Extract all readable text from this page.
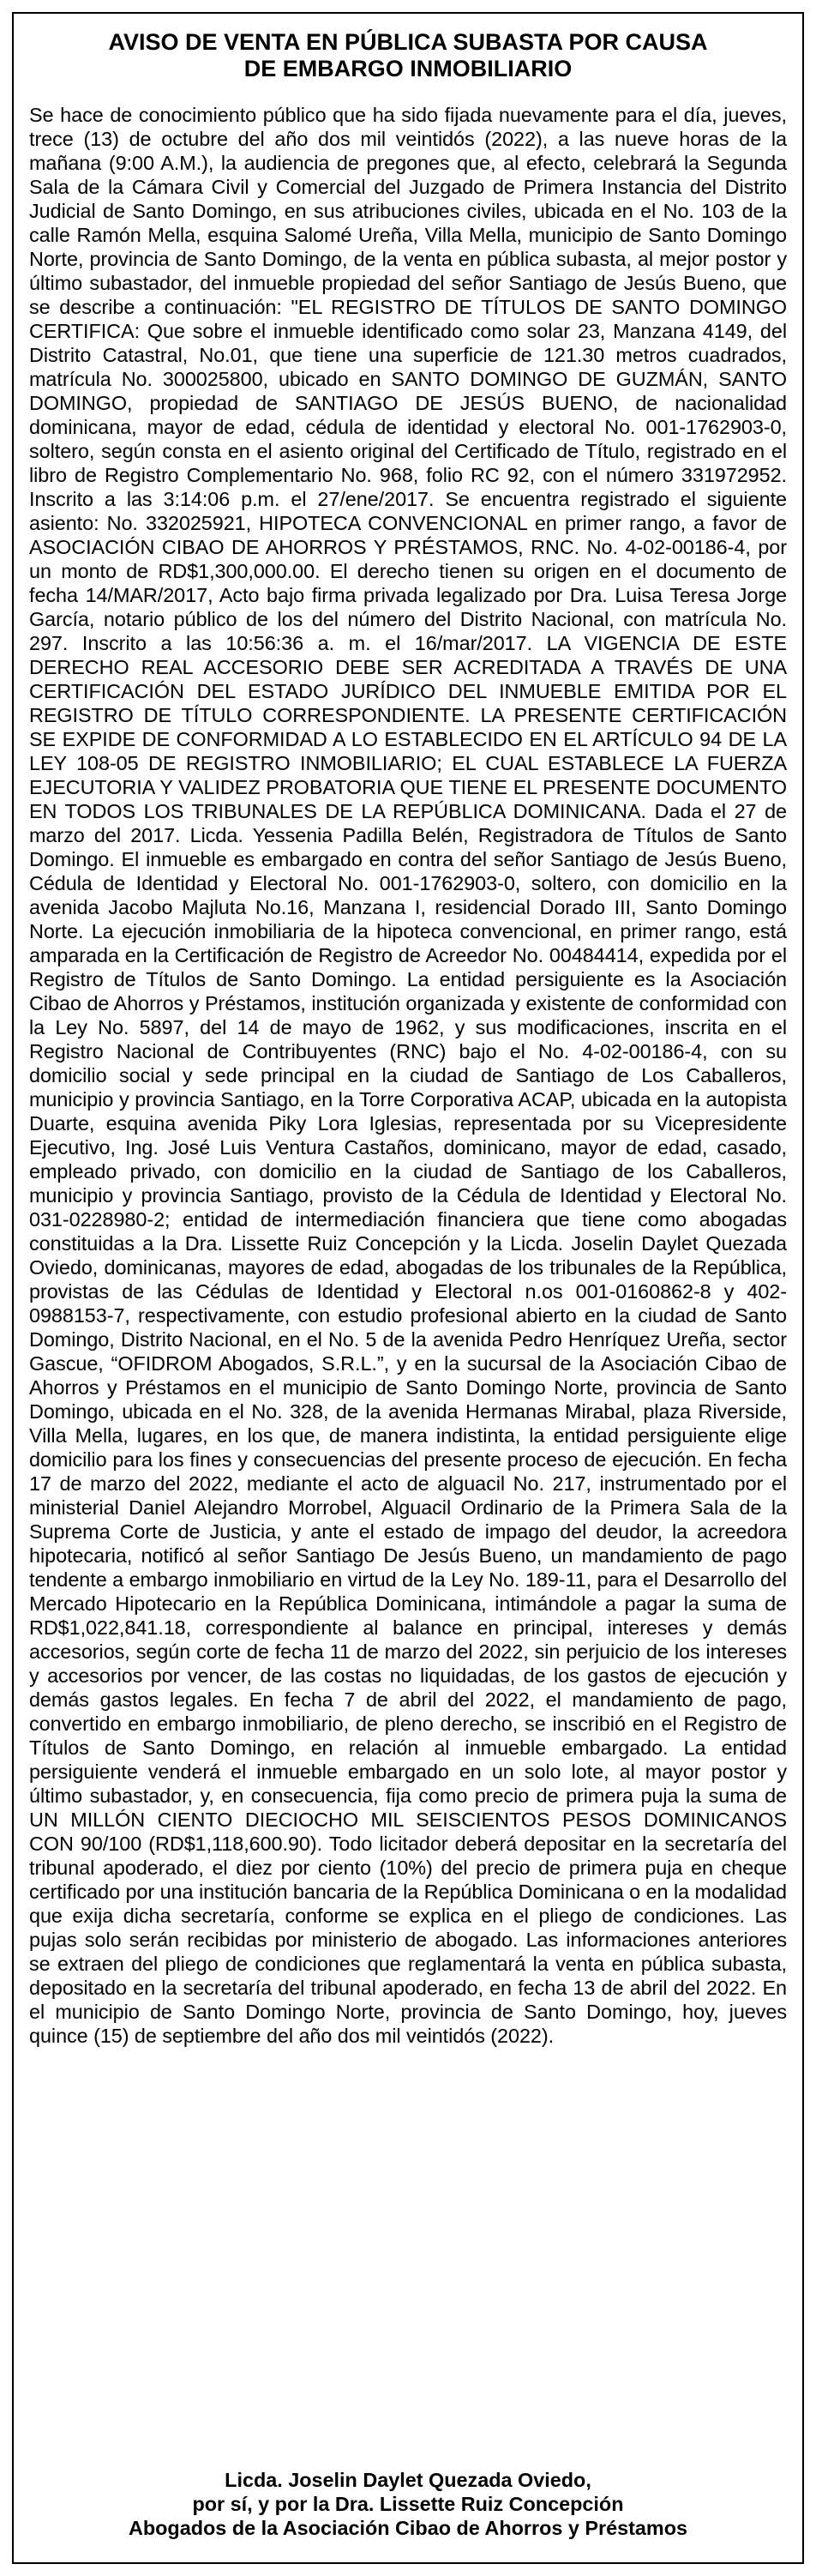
AVISO DE VENTA EN PÚBLICA SUBASTA POR CAUSA
DE EMBARGO INMOBILIARIO

Se hace de conocimiento público que ha sido fijada nuevamente para el día, jueves, trece (13) de octubre del año dos mil veintidós (2022), a las nueve horas de la mañana (9:00 A.M.), la audiencia de pregones que, al efecto, celebrará la Segunda Sala de la Cámara Civil y Comercial del Juzgado de Primera Instancia del Distrito Judicial de Santo Domingo, en sus atribuciones civiles, ubicada en el No. 103 de la calle Ramón Mella, esquina Salomé Ureña, Villa Mella, municipio de Santo Domingo Norte, provincia de Santo Domingo, de la venta en pública subasta, al mejor postor y último subastador, del inmueble propiedad del señor Santiago de Jesús Bueno, que se describe a continuación: "EL REGISTRO DE TÍTULOS DE SANTO DOMINGO CERTIFICA: Que sobre el inmueble identificado como solar 23, Manzana 4149, del Distrito Catastral, No.01, que tiene una superficie de 121.30 metros cuadrados, matrícula No. 300025800, ubicado en SANTO DOMINGO DE GUZMÁN, SANTO DOMINGO, propiedad de SANTIAGO DE JESÚS BUENO, de nacionalidad dominicana, mayor de edad, cédula de identidad y electoral No. 001-1762903-0, soltero, según consta en el asiento original del Certificado de Título, registrado en el libro de Registro Complementario No. 968, folio RC 92, con el número 331972952. Inscrito a las 3:14:06 p.m. el 27/ene/2017. Se encuentra registrado el siguiente asiento: No. 332025921, HIPOTECA CONVENCIONAL en primer rango, a favor de ASOCIACIÓN CIBAO DE AHORROS Y PRÉSTAMOS, RNC. No. 4-02-00186-4, por un monto de RD$1,300,000.00. El derecho tienen su origen en el documento de fecha 14/MAR/2017, Acto bajo firma privada legalizado por Dra. Luisa Teresa Jorge García, notario público de los del número del Distrito Nacional, con matrícula No. 297. Inscrito a las 10:56:36 a. m. el 16/mar/2017. LA VIGENCIA DE ESTE DERECHO REAL ACCESORIO DEBE SER ACREDITADA A TRAVÉS DE UNA CERTIFICACIÓN DEL ESTADO JURÍDICO DEL INMUEBLE EMITIDA POR EL REGISTRO DE TÍTULO CORRESPONDIENTE. LA PRESENTE CERTIFICACIÓN SE EXPIDE DE CONFORMIDAD A LO ESTABLECIDO EN EL ARTÍCULO 94 DE LA LEY 108-05 DE REGISTRO INMOBILIARIO; EL CUAL ESTABLECE LA FUERZA EJECUTORIA Y VALIDEZ PROBATORIA QUE TIENE EL PRESENTE DOCUMENTO EN TODOS LOS TRIBUNALES DE LA REPÚBLICA DOMINICANA. Dada el 27 de marzo del 2017. Licda. Yessenia Padilla Belén, Registradora de Títulos de Santo Domingo. El inmueble es embargado en contra del señor Santiago de Jesús Bueno, Cédula de Identidad y Electoral No. 001-1762903-0, soltero, con domicilio en la avenida Jacobo Majluta No.16, Manzana I, residencial Dorado III, Santo Domingo Norte. La ejecución inmobiliaria de la hipoteca convencional, en primer rango, está amparada en la Certificación de Registro de Acreedor No. 00484414, expedida por el Registro de Títulos de Santo Domingo. La entidad persiguiente es la Asociación Cibao de Ahorros y Préstamos, institución organizada y existente de conformidad con la Ley No. 5897, del 14 de mayo de 1962, y sus modificaciones, inscrita en el Registro Nacional de Contribuyentes (RNC) bajo el No. 4-02-00186-4, con su domicilio social y sede principal en la ciudad de Santiago de Los Caballeros, municipio y provincia Santiago, en la Torre Corporativa ACAP, ubicada en la autopista Duarte, esquina avenida Piky Lora Iglesias, representada por su Vicepresidente Ejecutivo, Ing. José Luis Ventura Castaños, dominicano, mayor de edad, casado, empleado privado, con domicilio en la ciudad de Santiago de los Caballeros, municipio y provincia Santiago, provisto de la Cédula de Identidad y Electoral No. 031-0228980-2; entidad de intermediación financiera que tiene como abogadas constituidas a la Dra. Lissette Ruiz Concepción y la Licda. Joselin Daylet Quezada Oviedo, dominicanas, mayores de edad, abogadas de los tribunales de la República, provistas de las Cédulas de Identidad y Electoral n.os 001-0160862-8 y 402-0988153-7, respectivamente, con estudio profesional abierto en la ciudad de Santo Domingo, Distrito Nacional, en el No. 5 de la avenida Pedro Henríquez Ureña, sector Gascue, “OFIDROM Abogados, S.R.L.”, y en la sucursal de la Asociación Cibao de Ahorros y Préstamos en el municipio de Santo Domingo Norte, provincia de Santo Domingo, ubicada en el No. 328, de la avenida Hermanas Mirabal, plaza Riverside, Villa Mella, lugares, en los que, de manera indistinta, la entidad persiguiente elige domicilio para los fines y consecuencias del presente proceso de ejecución. En fecha 17 de marzo del 2022, mediante el acto de alguacil No. 217, instrumentado por el ministerial Daniel Alejandro Morrobel, Alguacil Ordinario de la Primera Sala de la Suprema Corte de Justicia, y ante el estado de impago del deudor, la acreedora hipotecaria, notificó al señor Santiago De Jesús Bueno, un mandamiento de pago tendente a embargo inmobiliario en virtud de la Ley No. 189-11, para el Desarrollo del Mercado Hipotecario en la República Dominicana, intimándole a pagar la suma de RD$1,022,841.18, correspondiente al balance en principal, intereses y demás accesorios, según corte de fecha 11 de marzo del 2022, sin perjuicio de los intereses y accesorios por vencer, de las costas no liquidadas, de los gastos de ejecución y demás gastos legales. En fecha 7 de abril del 2022, el mandamiento de pago, convertido en embargo inmobiliario, de pleno derecho, se inscribió en el Registro de Títulos de Santo Domingo, en relación al inmueble embargado. La entidad persiguiente venderá el inmueble embargado en un solo lote, al mayor postor y último subastador, y, en consecuencia, fija como precio de primera puja la suma de UN MILLÓN CIENTO DIECIOCHO MIL SEISCIENTOS PESOS DOMINICANOS CON 90/100 (RD$1,118,600.90). Todo licitador deberá depositar en la secretaría del tribunal apoderado, el diez por ciento (10%) del precio de primera puja en cheque certificado por una institución bancaria de la República Dominicana o en la modalidad que exija dicha secretaría, conforme se explica en el pliego de condiciones. Las pujas solo serán recibidas por ministerio de abogado. Las informaciones anteriores se extraen del pliego de condiciones que reglamentará la venta en pública subasta, depositado en la secretaría del tribunal apoderado, en fecha 13 de abril del 2022. En el municipio de Santo Domingo Norte, provincia de Santo Domingo, hoy, jueves quince (15) de septiembre del año dos mil veintidós (2022).

Licda. Joselin Daylet Quezada Oviedo,
por sí, y por la Dra. Lissette Ruiz Concepción
Abogados de la Asociación Cibao de Ahorros y Préstamos
